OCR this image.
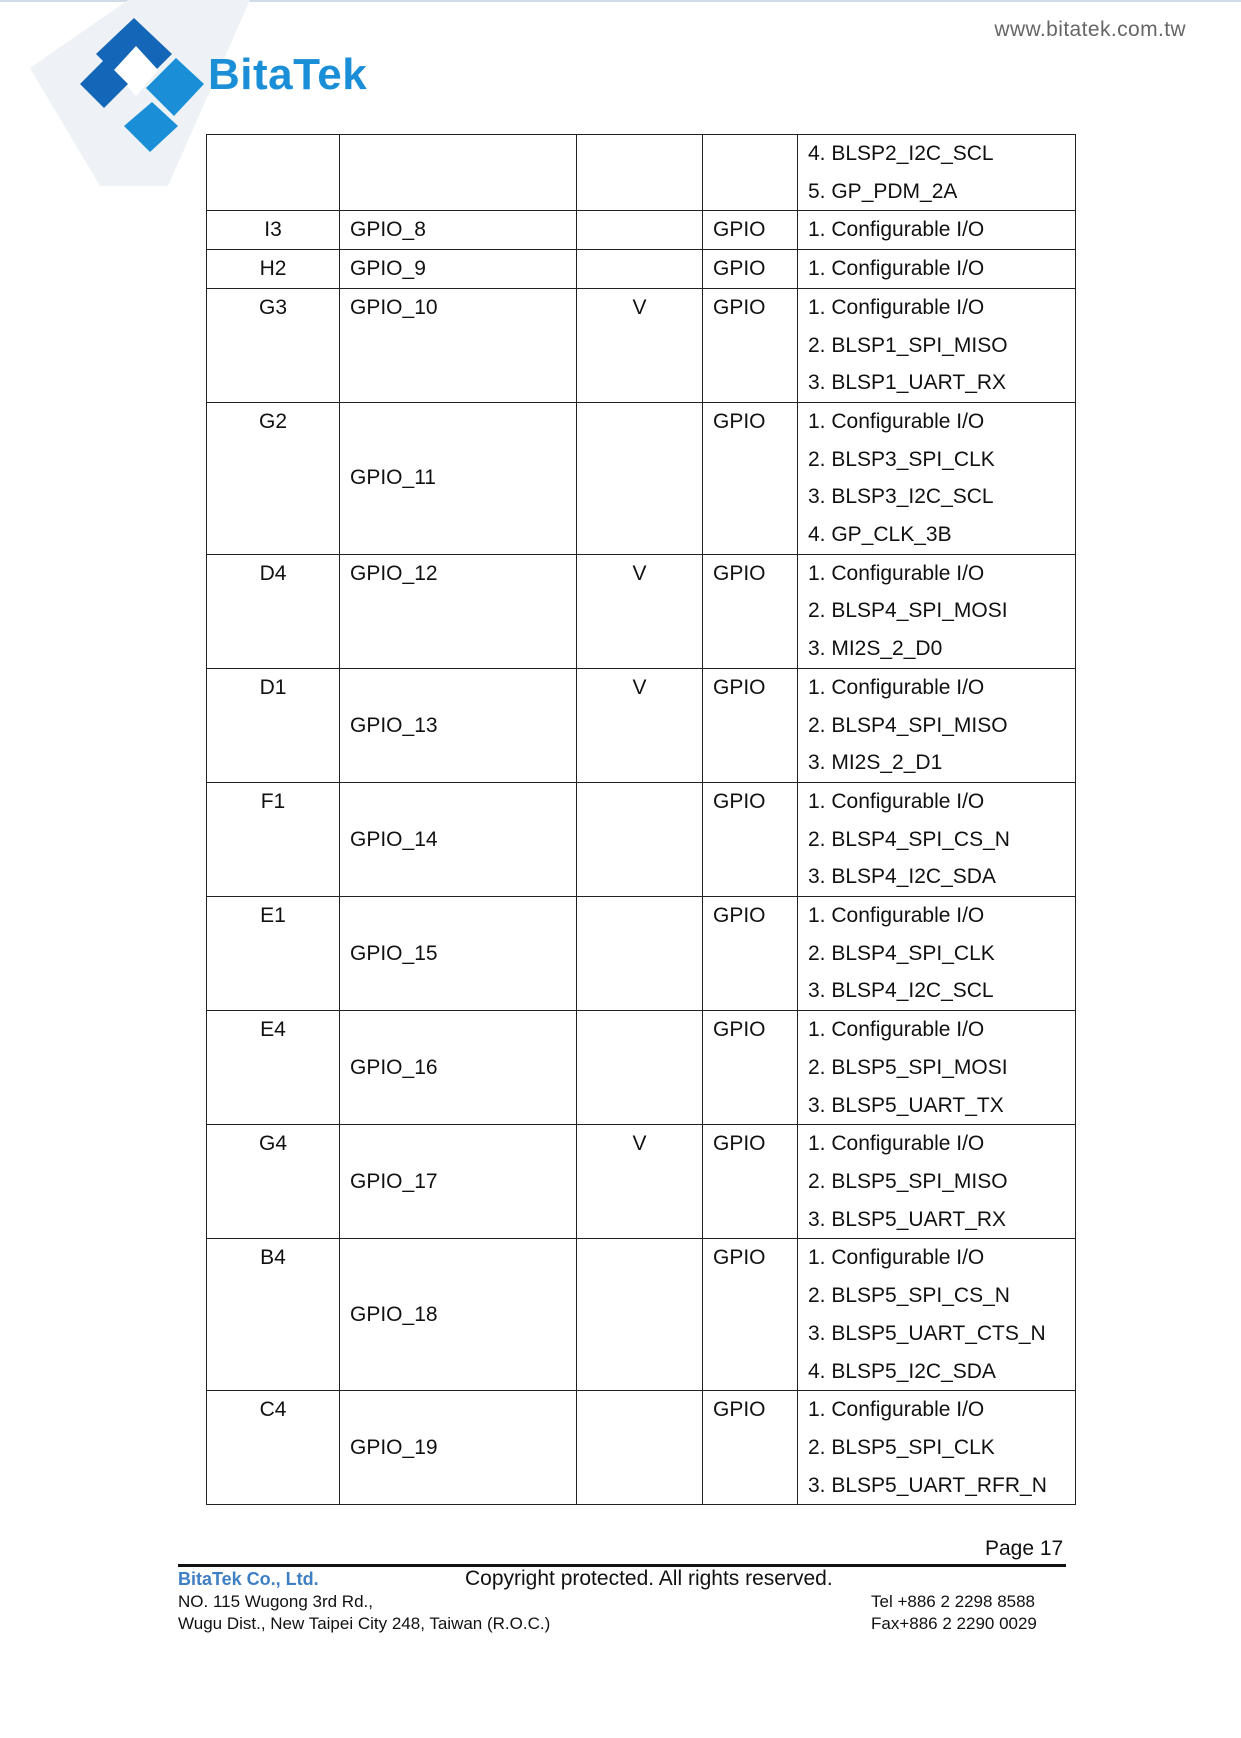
BitaTek
www.bitatek.com.tw

				4. BLSP2_I2C_SCL
5. GP_PDM_2A

I3	GPIO_8		GPIO	1. Configurable I/O

H2	GPIO_9		GPIO	1. Configurable I/O

G3	GPIO_10	V	GPIO	1. Configurable I/O
2. BLSP1_SPI_MISO
3. BLSP1_UART_RX

G2	GPIO_11		GPIO	1. Configurable I/O
2. BLSP3_SPI_CLK
3. BLSP3_I2C_SCL
4. GP_CLK_3B

D4	GPIO_12	V	GPIO	1. Configurable I/O
2. BLSP4_SPI_MOSI
3. MI2S_2_D0

D1	GPIO_13	V	GPIO	1. Configurable I/O
2. BLSP4_SPI_MISO
3. MI2S_2_D1

F1	GPIO_14		GPIO	1. Configurable I/O
2. BLSP4_SPI_CS_N
3. BLSP4_I2C_SDA

E1	GPIO_15		GPIO	1. Configurable I/O
2. BLSP4_SPI_CLK
3. BLSP4_I2C_SCL

E4	GPIO_16		GPIO	1. Configurable I/O
2. BLSP5_SPI_MOSI
3. BLSP5_UART_TX

G4	GPIO_17	V	GPIO	1. Configurable I/O
2. BLSP5_SPI_MISO
3. BLSP5_UART_RX

B4	GPIO_18		GPIO	1. Configurable I/O
2. BLSP5_SPI_CS_N
3. BLSP5_UART_CTS_N
4. BLSP5_I2C_SDA

C4	GPIO_19		GPIO	1. Configurable I/O
2. BLSP5_SPI_CLK
3. BLSP5_UART_RFR_N
Page 17
BitaTek Co., Ltd.	Copyright protected. All rights reserved.
NO. 115 Wugong 3rd Rd.,
Wugu Dist., New Taipei City 248, Taiwan (R.O.C.)
Tel +886 2 2298 8588
Fax+886 2 2290 0029
